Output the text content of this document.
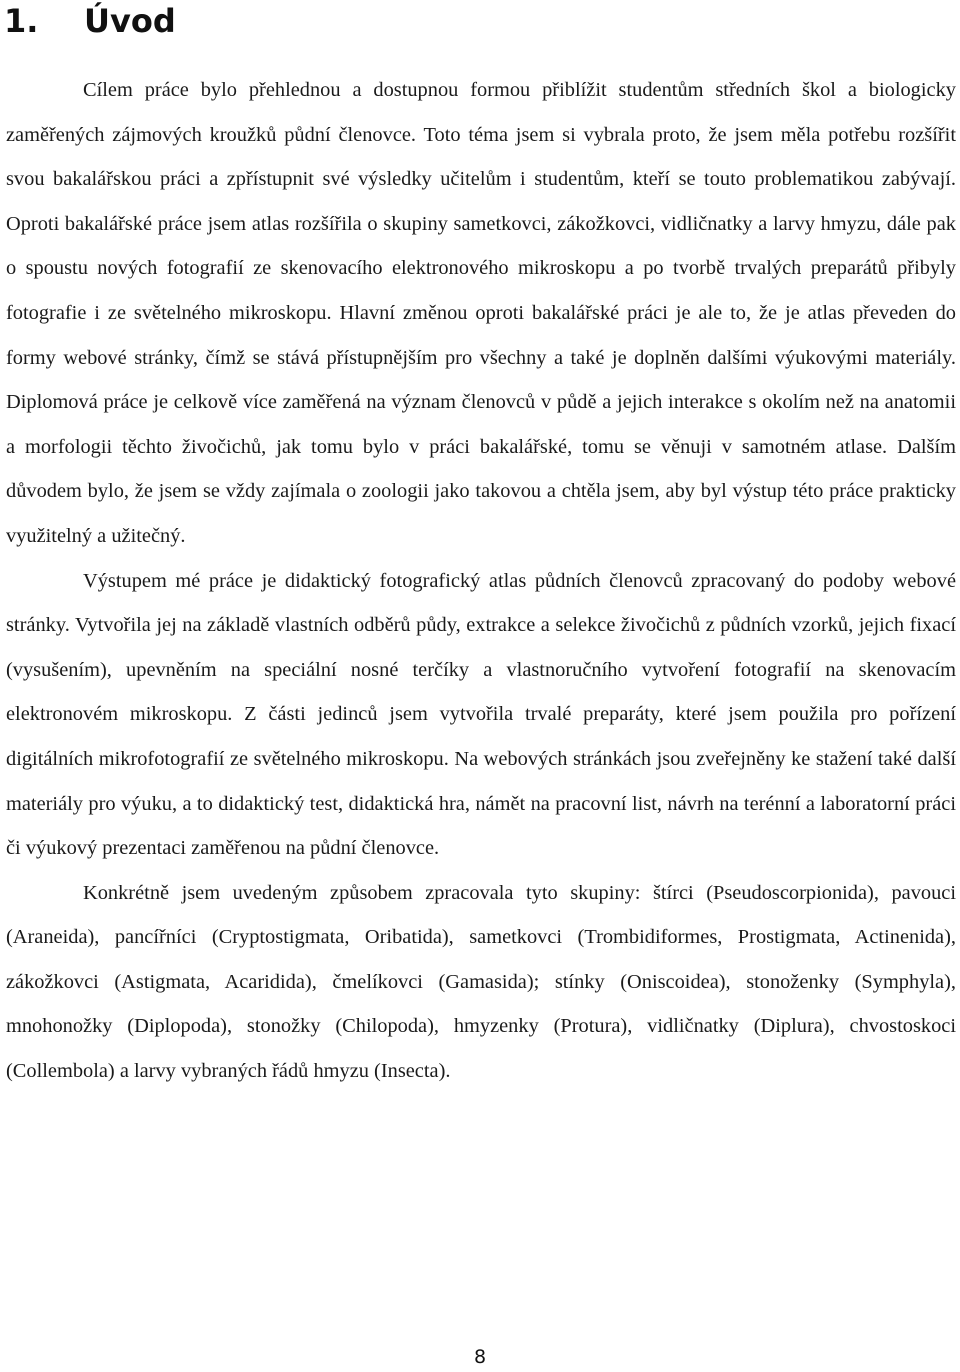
1. Úvod

Cílem práce bylo přehlednou a dostupnou formou přiblížit studentům středních škol a biologicky zaměřených zájmových kroužků půdní členovce. Toto téma jsem si vybrala proto, že jsem měla potřebu rozšířit svou bakalářskou práci a zpřístupnit své výsledky učitelům i studentům, kteří se touto problematikou zabývají. Oproti bakalářské práce jsem atlas rozšířila o skupiny sametkovci, zákožkovci, vidličnatky a larvy hmyzu, dále pak o spoustu nových fotografií ze skenovacího elektronového mikroskopu a po tvorbě trvalých preparátů přibyly fotografie i ze světelného mikroskopu. Hlavní změnou oproti bakalářské práci je ale to, že je atlas převeden do formy webové stránky, čímž se stává přístupnějším pro všechny a také je doplněn dalšími výukovými materiály. Diplomová práce je celkově více zaměřená na význam členovců v půdě a jejich interakce s okolím než na anatomii a morfologii těchto živočichů, jak tomu bylo v práci bakalářské, tomu se věnuji v samotném atlase. Dalším důvodem bylo, že jsem se vždy zajímala o zoologii jako takovou a chtěla jsem, aby byl výstup této práce prakticky využitelný a užitečný.

Výstupem mé práce je didaktický fotografický atlas půdních členovců zpracovaný do podoby webové stránky. Vytvořila jej na základě vlastních odběrů půdy, extrakce a selekce živočichů z půdních vzorků, jejich fixací (vysušením), upevněním na speciální nosné terčíky a vlastnoručního vytvoření fotografií na skenovacím elektronovém mikroskopu. Z části jedinců jsem vytvořila trvalé preparáty, které jsem použila pro pořízení digitálních mikrofotografií ze světelného mikroskopu. Na webových stránkách jsou zveřejněny ke stažení také další materiály pro výuku, a to didaktický test, didaktická hra, námět na pracovní list, návrh na terénní a laboratorní práci či výukový prezentaci zaměřenou na půdní členovce.

Konkrétně jsem uvedeným způsobem zpracovala tyto skupiny: štírci (Pseudoscorpionida), pavouci (Araneida), pancířníci (Cryptostigmata, Oribatida), sametkovci (Trombidiformes, Prostigmata, Actinenida), zákožkovci (Astigmata, Acaridida), čmelíkovci (Gamasida); stínky (Oniscoidea), stonoženky (Symphyla), mnohonožky (Diplopoda), stonožky (Chilopoda), hmyzenky (Protura), vidličnatky (Diplura), chvostoskoci (Collembola) a larvy vybraných řádů hmyzu (Insecta).

8
